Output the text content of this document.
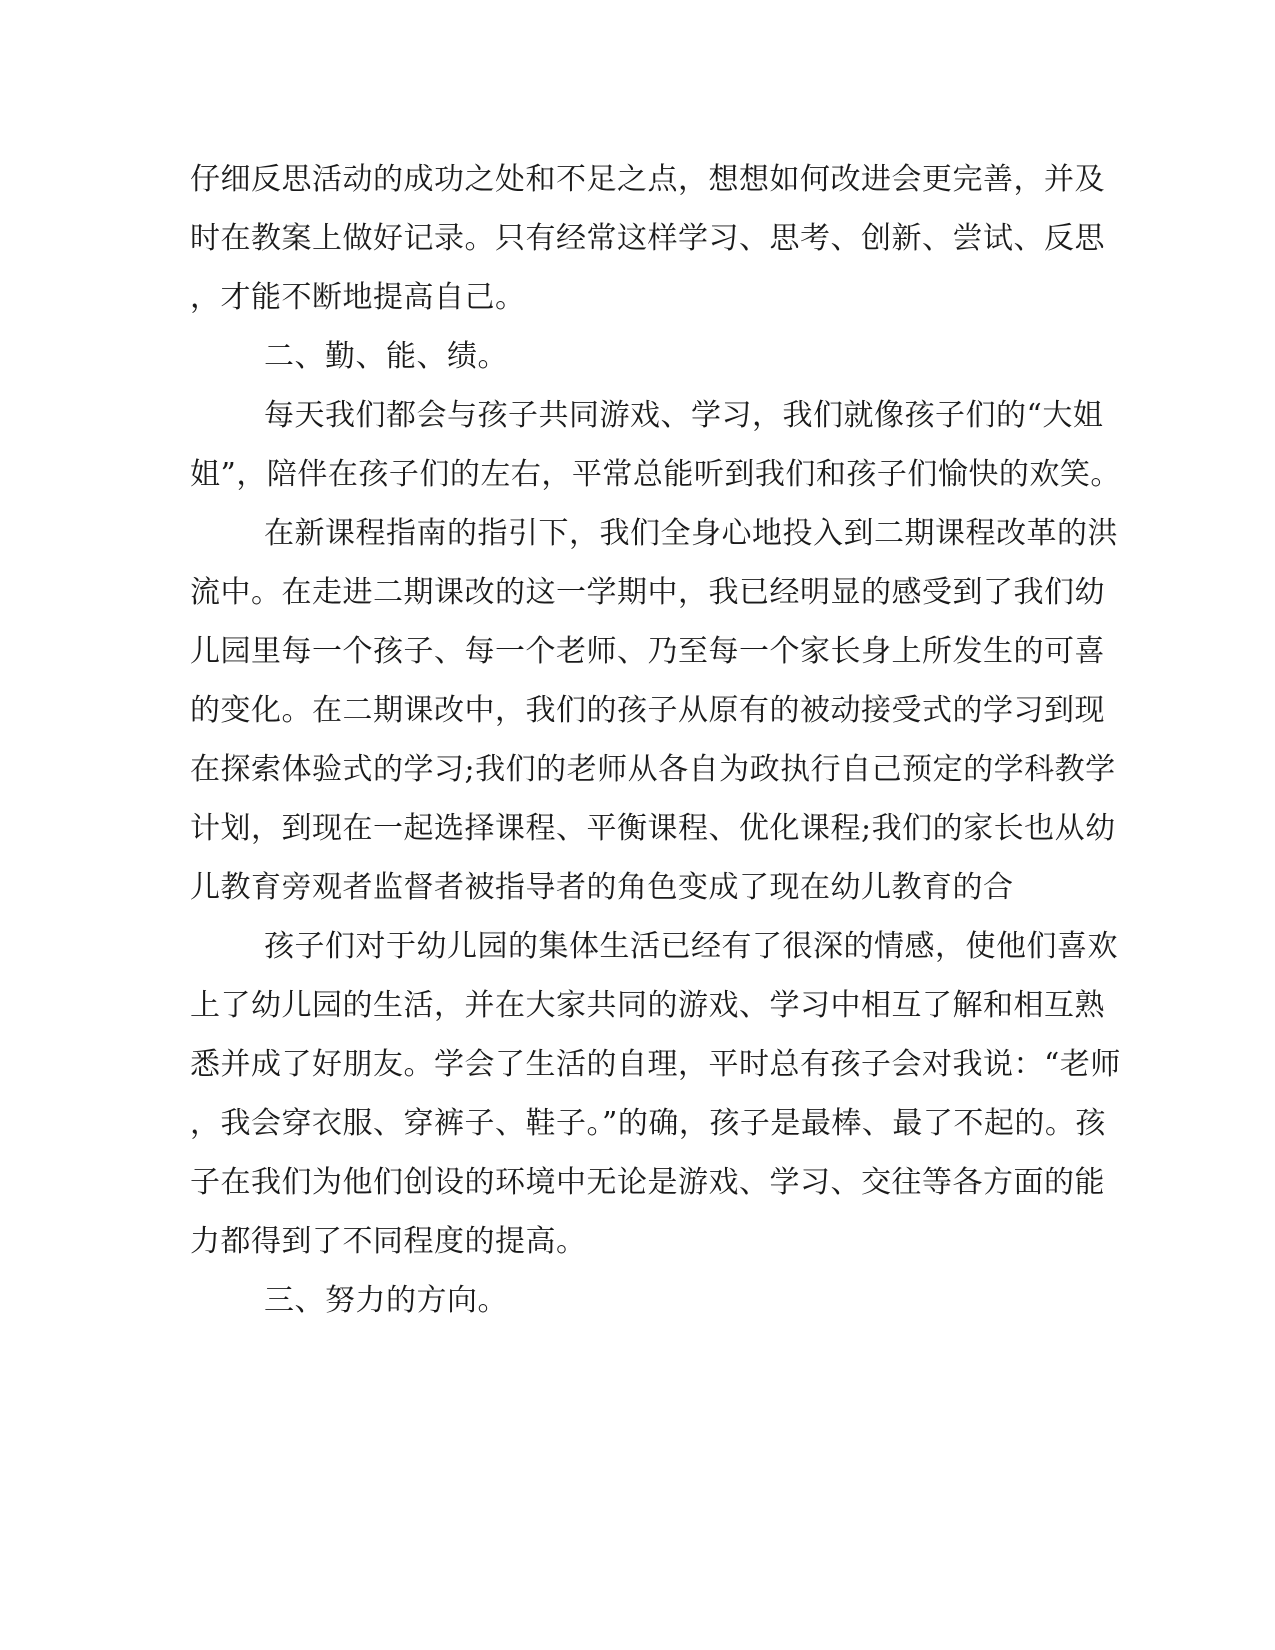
仔细反思活动的成功之处和不足之点，想想如何改进会更完善，并及

时在教案上做好记录。只有经常这样学习、思考、创新、尝试、反思

，才能不断地提高自己。

二、勤、能、绩。

每天我们都会与孩子共同游戏、学习，我们就像孩子们的“大姐

姐”，陪伴在孩子们的左右，平常总能听到我们和孩子们愉快的欢笑。

在新课程指南的指引下，我们全身心地投入到二期课程改革的洪

流中。在走进二期课改的这一学期中，我已经明显的感受到了我们幼

儿园里每一个孩子、每一个老师、乃至每一个家长身上所发生的可喜

的变化。在二期课改中，我们的孩子从原有的被动接受式的学习到现

在探索体验式的学习;我们的老师从各自为政执行自己预定的学科教学

计划，到现在一起选择课程、平衡课程、优化课程;我们的家长也从幼

儿教育旁观者监督者被指导者的角色变成了现在幼儿教育的合

孩子们对于幼儿园的集体生活已经有了很深的情感，使他们喜欢

上了幼儿园的生活，并在大家共同的游戏、学习中相互了解和相互熟

悉并成了好朋友。学会了生活的自理，平时总有孩子会对我说：“老师

，我会穿衣服、穿裤子、鞋子。”的确，孩子是最棒、最了不起的。孩

子在我们为他们创设的环境中无论是游戏、学习、交往等各方面的能

力都得到了不同程度的提高。

三、努力的方向。
